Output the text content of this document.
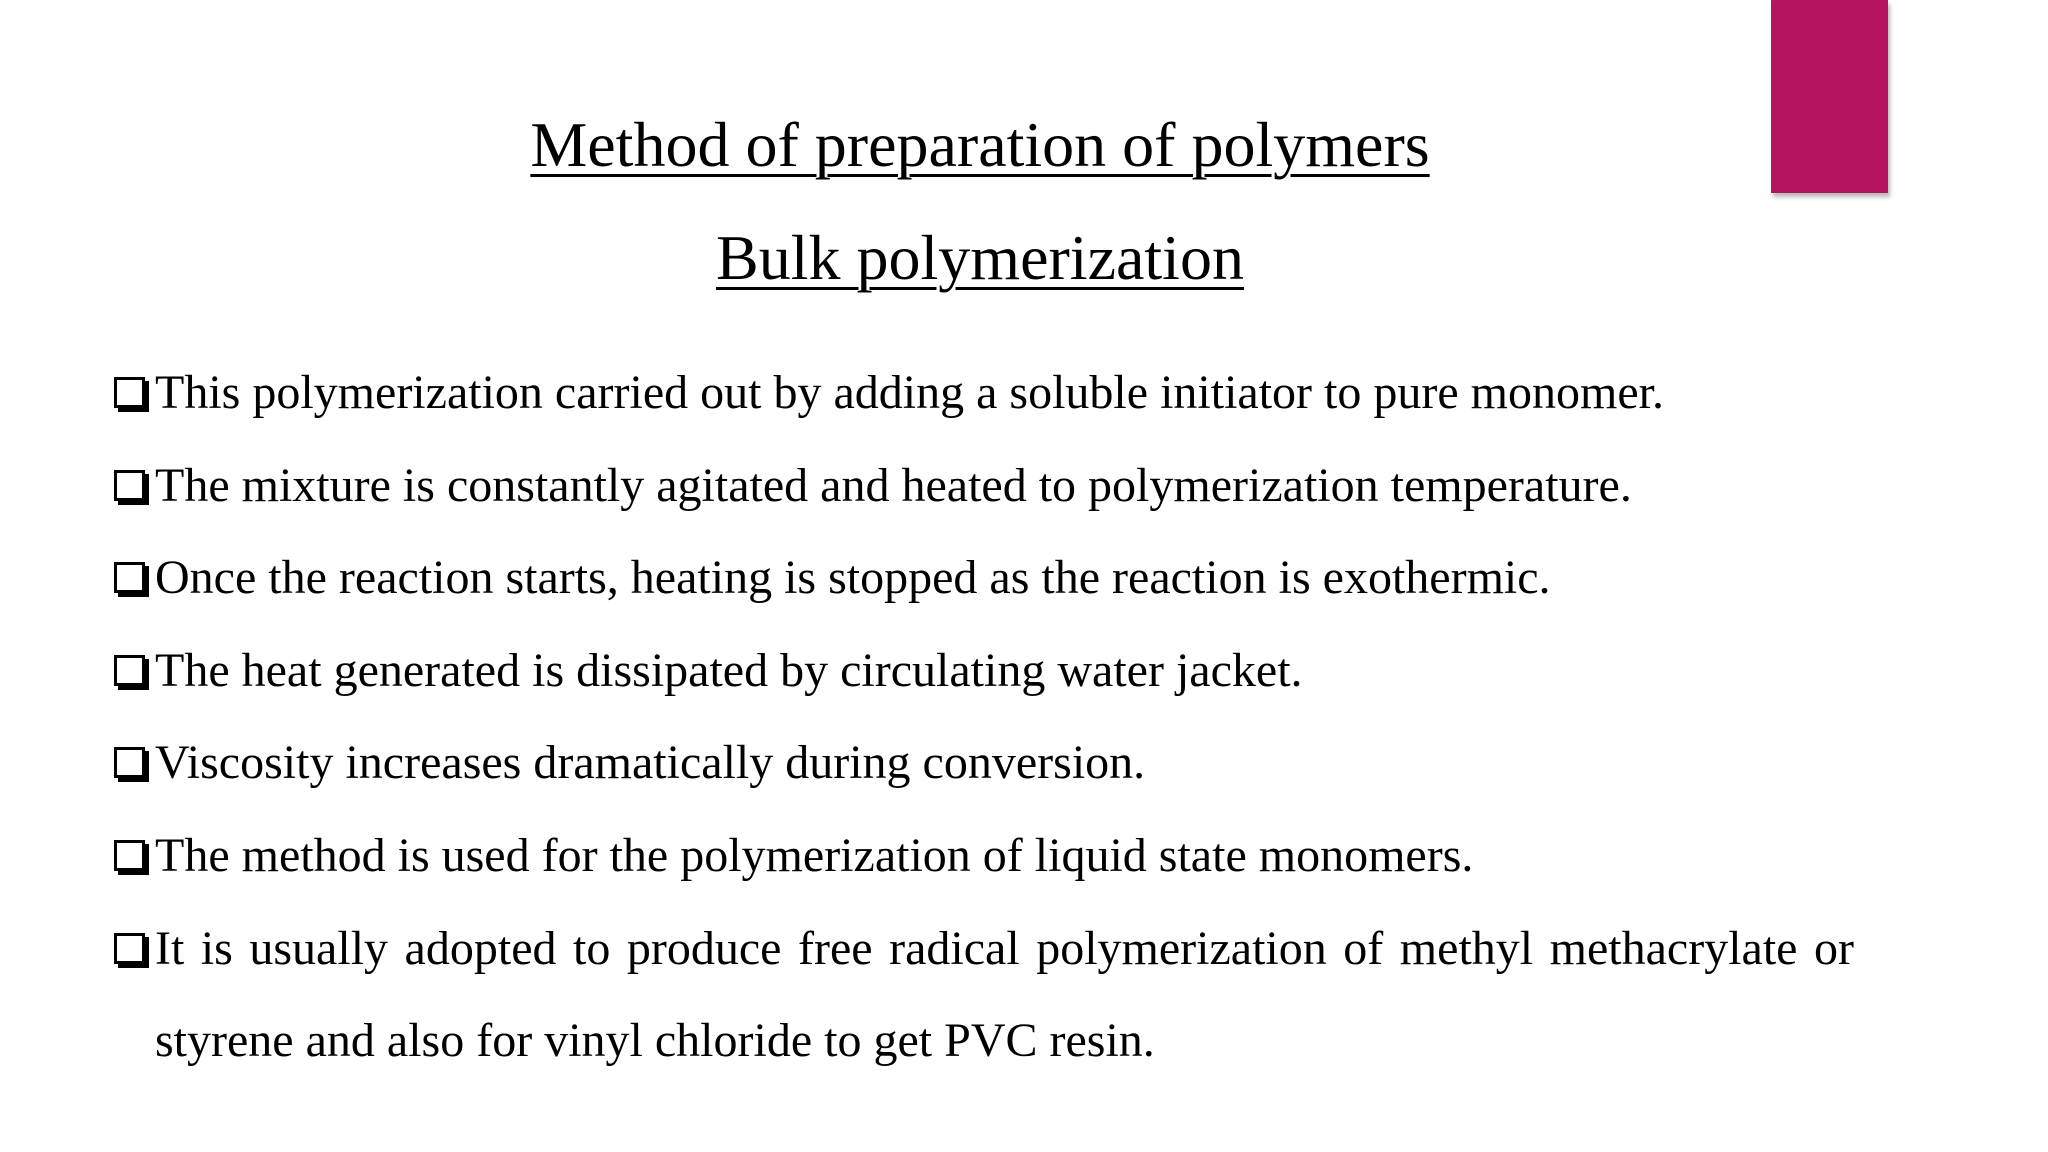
Method of preparation of polymers
Bulk polymerization
This polymerization carried out by adding a soluble initiator to pure monomer.
The mixture is constantly agitated and heated to polymerization temperature.
Once the reaction starts, heating is stopped as the reaction is exothermic.
The heat generated is dissipated by circulating water jacket.
Viscosity increases dramatically during conversion.
The method is used for the polymerization of liquid state monomers.
It is usually adopted to produce free radical polymerization of methyl methacrylate or styrene and also for vinyl chloride to get PVC resin.
